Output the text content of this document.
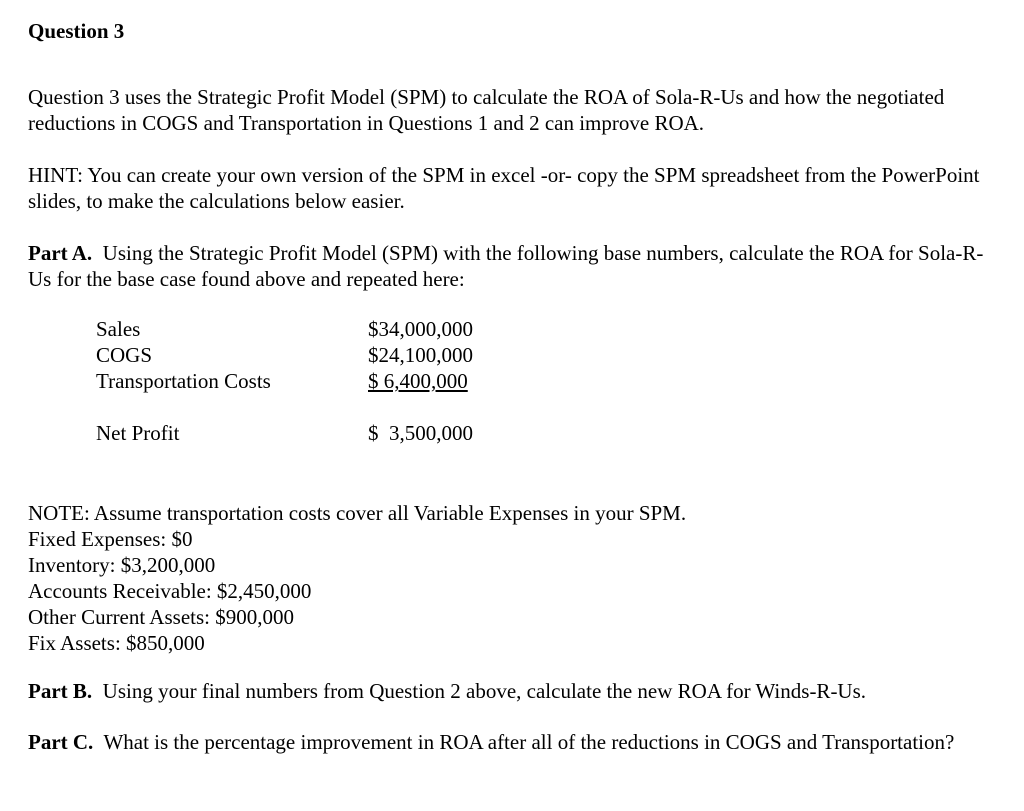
Question 3

Question 3 uses the Strategic Profit Model (SPM) to calculate the ROA of Sola-R-Us and how the negotiated reductions in COGS and Transportation in Questions 1 and 2 can improve ROA.

HINT: You can create your own version of the SPM in excel -or- copy the SPM spreadsheet from the PowerPoint slides, to make the calculations below easier.

Part A. Using the Strategic Profit Model (SPM) with the following base numbers, calculate the ROA for Sola-R-Us for the base case found above and repeated here:

Sales	$34,000,000
COGS	$24,100,000
Transportation Costs	$ 6,400,000

Net Profit	$  3,500,000
NOTE: Assume transportation costs cover all Variable Expenses in your SPM.
Fixed Expenses: $0
Inventory: $3,200,000
Accounts Receivable: $2,450,000
Other Current Assets: $900,000
Fix Assets: $850,000

Part B. Using your final numbers from Question 2 above, calculate the new ROA for Winds-R-Us.

Part C. What is the percentage improvement in ROA after all of the reductions in COGS and Transportation?
